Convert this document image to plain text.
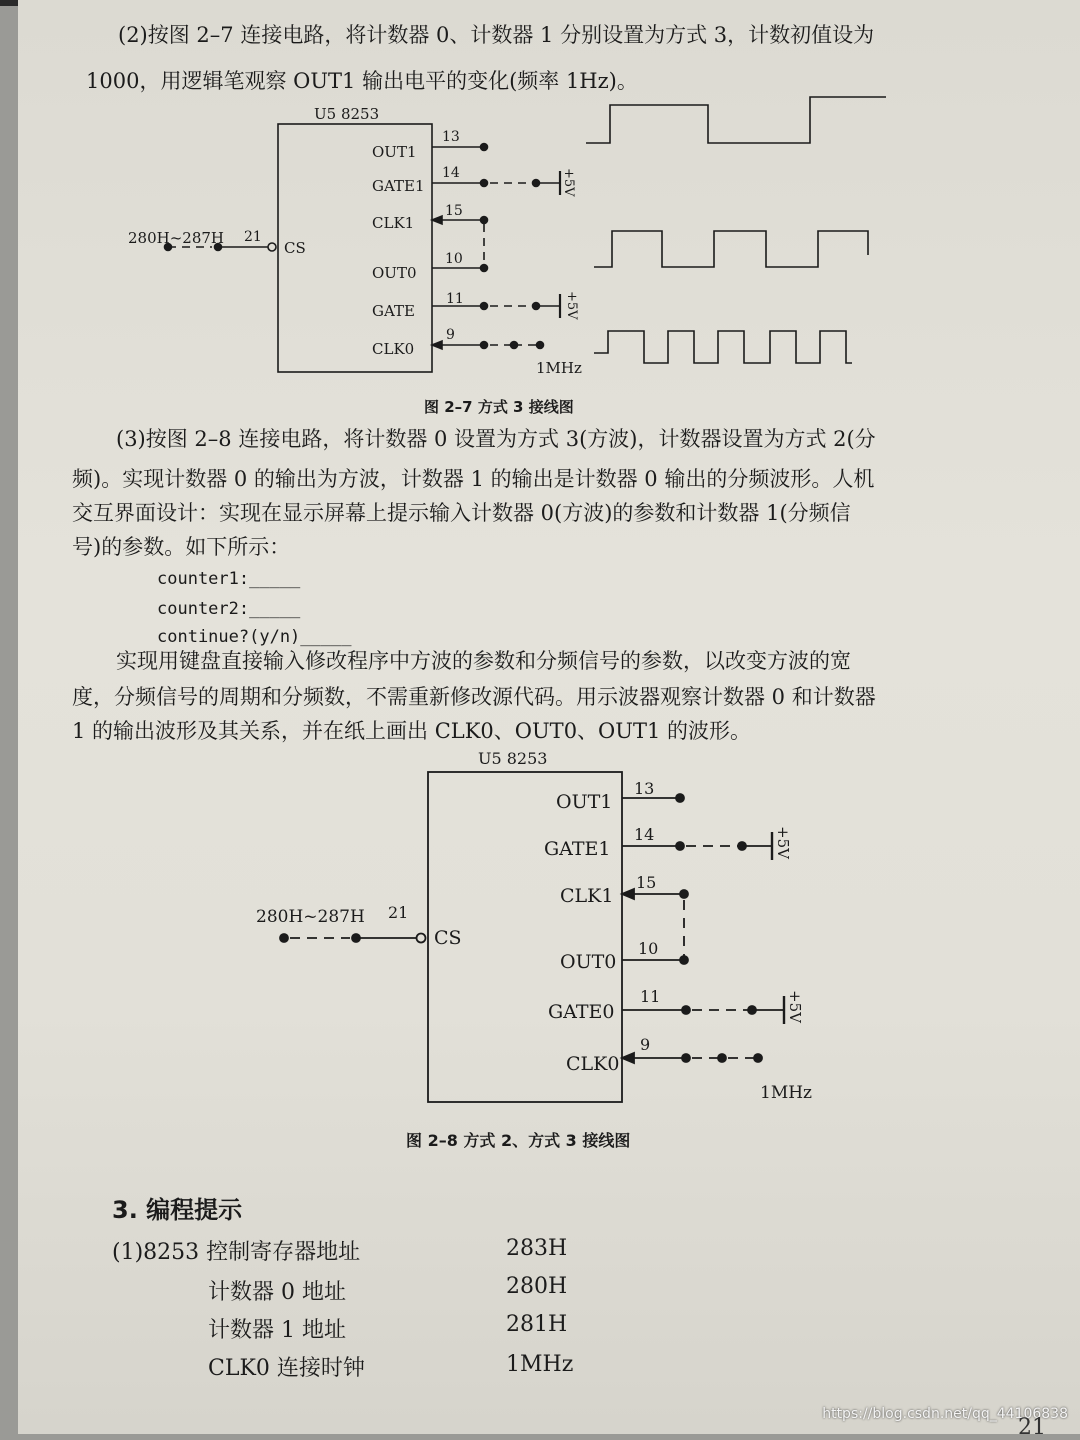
(2)按图 2–7 连接电路，将计数器 0、计数器 1 分别设置为方式 3，计数初值设为
1000，用逻辑笔观察 OUT1 输出电平的变化(频率 1Hz)。
U5 8253
OUT1
GATE1
CLK1
OUT0
GATE
CLK0
CS
13
14
15
10
11
9
21
+5V
+5V
1MHz
280H~287H
图 2–7 方式 3 接线图
(3)按图 2–8 连接电路，将计数器 0 设置为方式 3(方波)，计数器设置为方式 2(分
频)。实现计数器 0 的输出为方波，计数器 1 的输出是计数器 0 输出的分频波形。人机
交互界面设计：实现在显示屏幕上提示输入计数器 0(方波)的参数和计数器 1(分频信
号)的参数。如下所示：
counter1:_____
counter2:_____
continue?(y/n)_____
实现用键盘直接输入修改程序中方波的参数和分频信号的参数，以改变方波的宽
度，分频信号的周期和分频数，不需重新修改源代码。用示波器观察计数器 0 和计数器
1 的输出波形及其关系，并在纸上画出 CLK0、OUT0、OUT1 的波形。
U5 8253
OUT1
GATE1
CLK1
OUT0
GATE0
CLK0
CS
13
14
15
10
11
9
21
+5V
+5V
1MHz
280H~287H
图 2–8 方式 2、方式 3 接线图
3. 编程提示
(1)8253 控制寄存器地址	283H
计数器 0 地址	280H
计数器 1 地址	281H
CLK0 连接时钟	1MHz
https://blog.csdn.net/qq_44106838
21
